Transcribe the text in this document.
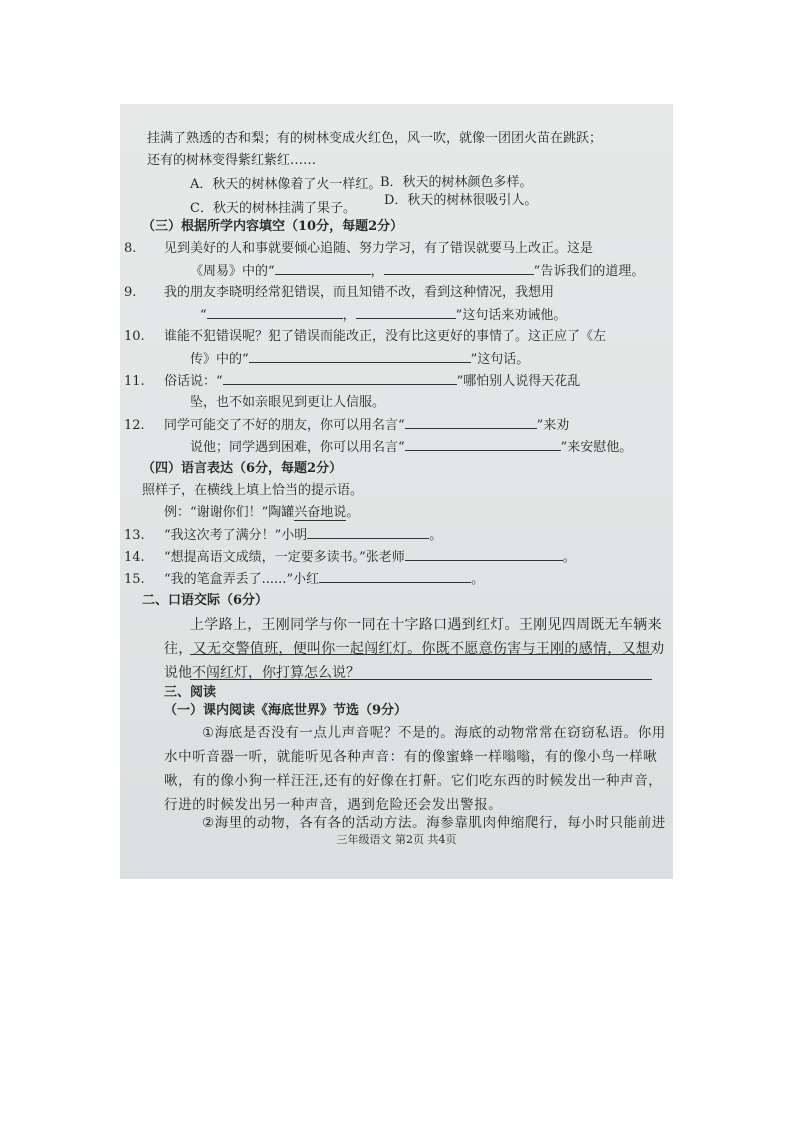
挂满了熟透的杏和梨；有的树林变成火红色，风一吹，就像一团团火苗在跳跃；
还有的树林变得紫红紫红……
A．秋天的树林像着了火一样红。
B．秋天的树林颜色多样。
C．秋天的树林挂满了果子。
D．秋天的树林很吸引人。
（三）根据所学内容填空（10分，每题2分）
8. 见到美好的人和事就要倾心追随、努力学习，有了错误就要马上改正。这是
《周易》中的“	，	”告诉我们的道理。
9. 我的朋友李晓明经常犯错误，而且知错不改，看到这种情况，我想用
“	，	”这句话来劝诫他。
10. 谁能不犯错误呢？犯了错误而能改正，没有比这更好的事情了。这正应了《左
传》中的“	”这句话。
11. 俗话说：“	”哪怕别人说得天花乱
坠，也不如亲眼见到更让人信服。
12. 同学可能交了不好的朋友，你可以用名言“	”来劝
说他；同学遇到困难，你可以用名言“	”来安慰他。
（四）语言表达（6分，每题2分）
照样子，在横线上填上恰当的提示语。
例：“谢谢你们！”陶罐兴奋地说。
13. “我这次考了满分！”小明	。
14. “想提高语文成绩，一定要多读书。”张老师	。
15. “我的笔盒弄丢了......”小红	。
二、口语交际（6分）
上学路上，王刚同学与你一同在十字路口遇到红灯。王刚见四周既无车辆来
往，又无交警值班，便叫你一起闯红灯。你既不愿意伤害与王刚的感情，又想劝
说他不闯红灯，你打算怎么说？
三、阅读
（一）课内阅读《海底世界》节选（9分）
①海底是否没有一点儿声音呢？不是的。海底的动物常常在窃窃私语。你用
水中听音器一听，就能听见各种声音：有的像蜜蜂一样嗡嗡，有的像小鸟一样啾
啾，有的像小狗一样汪汪,还有的好像在打鼾。它们吃东西的时候发出一种声音，
行进的时候发出另一种声音，遇到危险还会发出警报。
②海里的动物，各有各的活动方法。海参靠肌肉伸缩爬行，每小时只能前进
三年级语文 第2页 共4页
